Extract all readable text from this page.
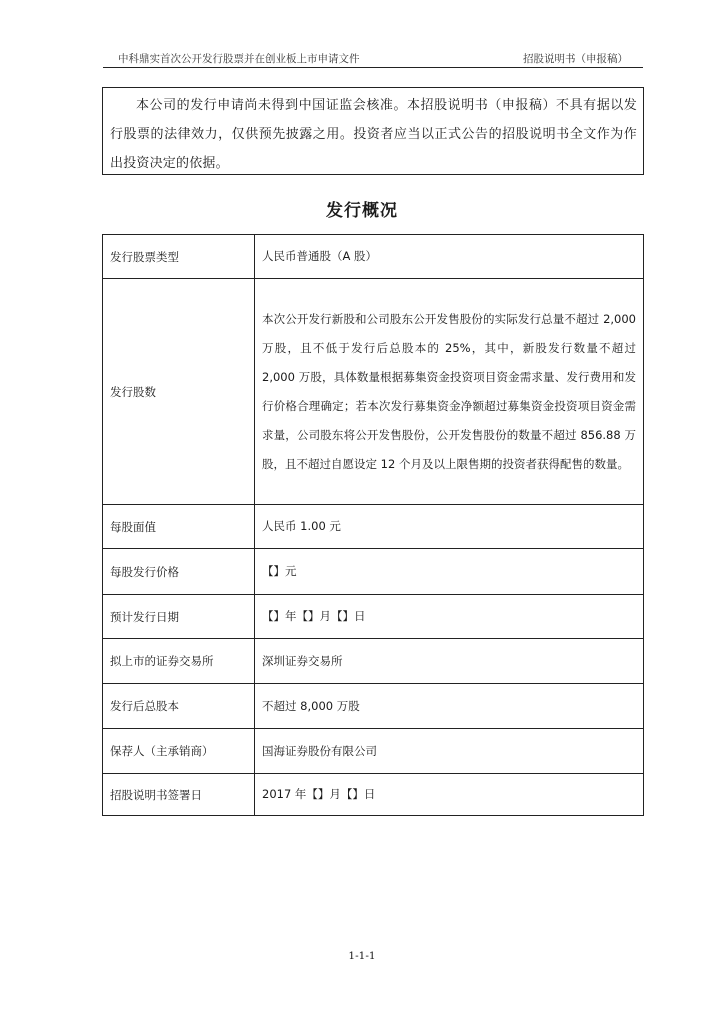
中科鼎实首次公开发行股票并在创业板上市申请文件	招股说明书（申报稿）
本公司的发行申请尚未得到中国证监会核准。本招股说明书（申报稿）不具有据以发行股票的法律效力，仅供预先披露之用。投资者应当以正式公告的招股说明书全文作为作出投资决定的依据。
发行概况
发行股票类型	人民币普通股（A 股）
发行股数	本次公开发行新股和公司股东公开发售股份的实际发行总量不超过 2,000 万股，且不低于发行后总股本的 25%，其中，新股发行数量不超过 2,000 万股，具体数量根据募集资金投资项目资金需求量、发行费用和发行价格合理确定；若本次发行募集资金净额超过募集资金投资项目资金需求量，公司股东将公开发售股份，公开发售股份的数量不超过 856.88 万股，且不超过自愿设定 12 个月及以上限售期的投资者获得配售的数量。
每股面值	人民币 1.00 元
每股发行价格	【】元
预计发行日期	【】年【】月【】日
拟上市的证券交易所	深圳证券交易所
发行后总股本	不超过 8,000 万股
保荐人（主承销商）	国海证券股份有限公司
招股说明书签署日	2017 年【】月【】日
1-1-1
